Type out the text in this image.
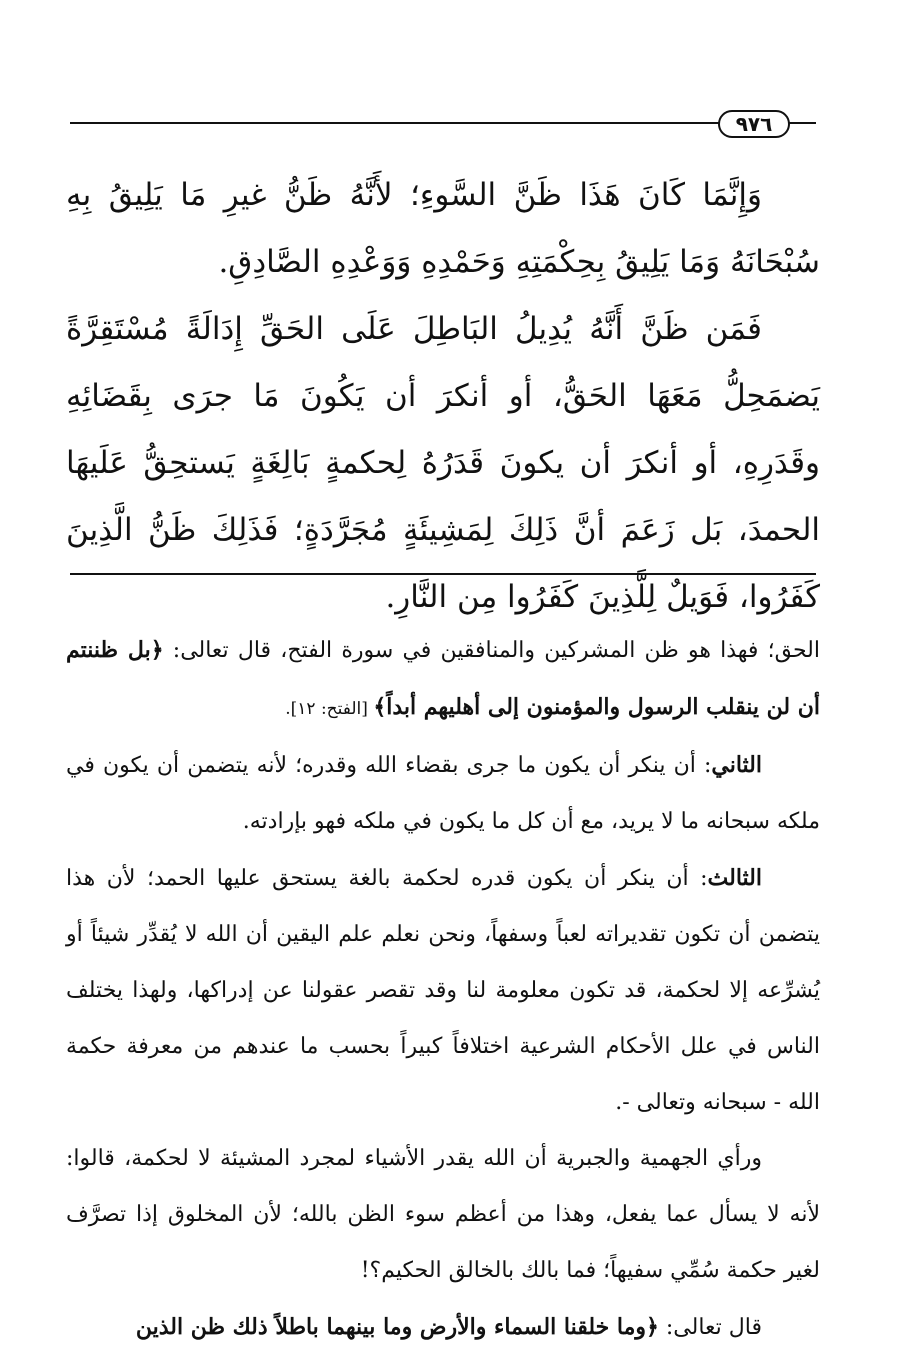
٩٧٦

وَإِنَّمَا كَانَ هَذَا ظَنَّ السَّوءِ؛ لأَنَّهُ ظَنُّ غيرِ مَا يَلِيقُ بِهِ سُبْحَانَهُ وَمَا يَلِيقُ بِحِكْمَتِهِ وَحَمْدِهِ وَوَعْدِهِ الصَّادِقِ.

فَمَن ظَنَّ أَنَّهُ يُدِيلُ البَاطِلَ عَلَى الحَقِّ إِدَالَةً مُسْتَقِرَّةً يَضمَحِلُّ مَعَهَا الحَقُّ، أو أنكرَ أن يَكُونَ مَا جرَى بِقَضَائِهِ وقَدَرِهِ، أو أنكرَ أن يكونَ قَدَرُهُ لِحكمةٍ بَالِغَةٍ يَستحِقُّ عَلَيهَا الحمدَ، بَل زَعَمَ أنَّ ذَلِكَ لِمَشِيئَةٍ مُجَرَّدَةٍ؛ فَذَلِكَ ظَنُّ الَّذِينَ كَفَرُوا، فَوَيلٌ لِلَّذِينَ كَفَرُوا مِن النَّارِ.

الحق؛ فهذا هو ظن المشركين والمنافقين في سورة الفتح، قال تعالى: ﴿بل ظننتم أن لن ينقلب الرسول والمؤمنون إلى أهليهم أبداً﴾ [الفتح: ١٢].

الثاني: أن ينكر أن يكون ما جرى بقضاء الله وقدره؛ لأنه يتضمن أن يكون في ملكه سبحانه ما لا يريد، مع أن كل ما يكون في ملكه فهو بإرادته.

الثالث: أن ينكر أن يكون قدره لحكمة بالغة يستحق عليها الحمد؛ لأن هذا يتضمن أن تكون تقديراته لعباً وسفهاً، ونحن نعلم علم اليقين أن الله لا يُقدِّر شيئاً أو يُشرِّعه إلا لحكمة، قد تكون معلومة لنا وقد تقصر عقولنا عن إدراكها، ولهذا يختلف الناس في علل الأحكام الشرعية اختلافاً كبيراً بحسب ما عندهم من معرفة حكمة الله - سبحانه وتعالى -.

ورأي الجهمية والجبرية أن الله يقدر الأشياء لمجرد المشيئة لا لحكمة، قالوا: لأنه لا يسأل عما يفعل، وهذا من أعظم سوء الظن بالله؛ لأن المخلوق إذا تصرَّف لغير حكمة سُمِّي سفيهاً؛ فما بالك بالخالق الحكيم؟!

قال تعالى: ﴿وما خلقنا السماء والأرض وما بينهما باطلاً ذلك ظن الذين
